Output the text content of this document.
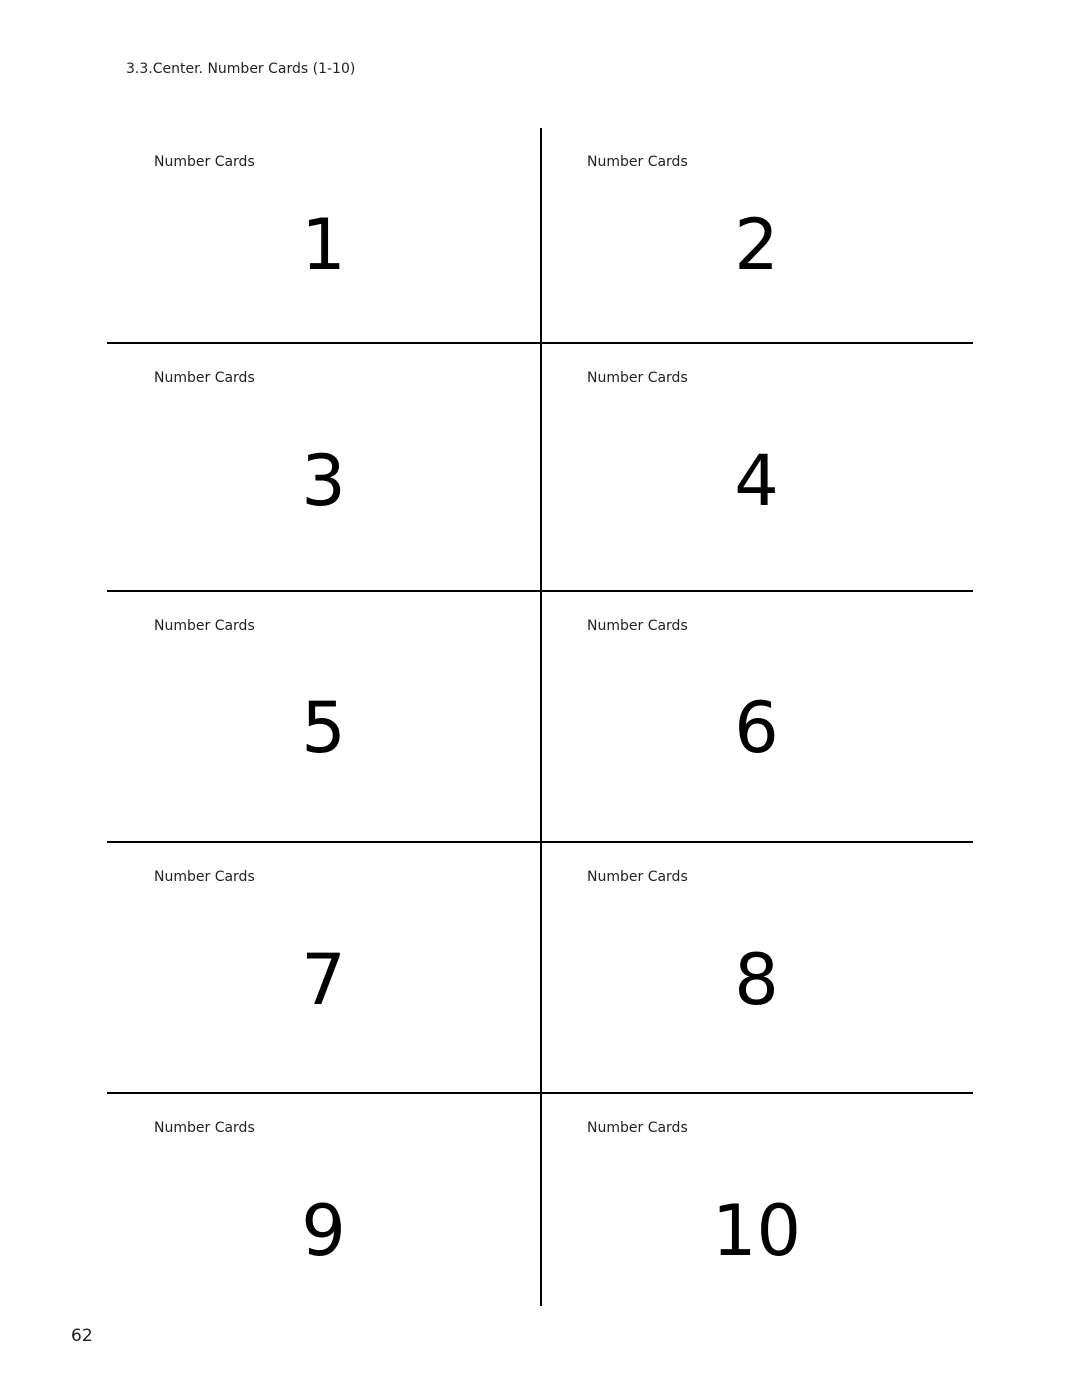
3.3.Center. Number Cards (1-10)
Number Cards
1
Number Cards
2
Number Cards
3
Number Cards
4
Number Cards
5
Number Cards
6
Number Cards
7
Number Cards
8
Number Cards
9
Number Cards
10
62
